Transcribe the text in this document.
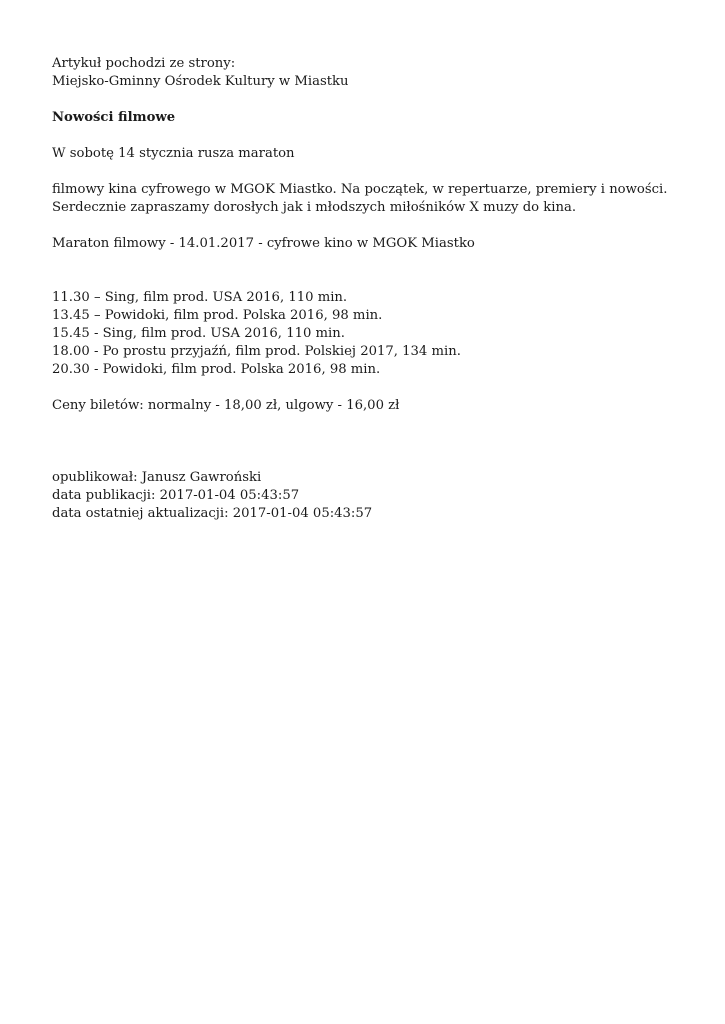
Artykuł pochodzi ze strony:
Miejsko-Gminny Ośrodek Kultury w Miastku
Nowości filmowe
W sobotę 14 stycznia rusza maraton
filmowy kina cyfrowego w MGOK Miastko. Na początek, w repertuarze, premiery i nowości.
Serdecznie zapraszamy dorosłych jak i młodszych miłośników X muzy do kina.
Maraton filmowy - 14.01.2017 - cyfrowe kino w MGOK Miastko
11.30 – Sing, film prod. USA 2016, 110 min.
13.45 – Powidoki, film prod. Polska 2016, 98 min.
15.45 - Sing, film prod. USA 2016, 110 min.
18.00 - Po prostu przyjaźń, film prod. Polskiej 2017, 134 min.
20.30 - Powidoki, film prod. Polska 2016, 98 min.
Ceny biletów: normalny - 18,00 zł, ulgowy - 16,00 zł
opublikował: Janusz Gawroński
data publikacji: 2017-01-04 05:43:57
data ostatniej aktualizacji: 2017-01-04 05:43:57
